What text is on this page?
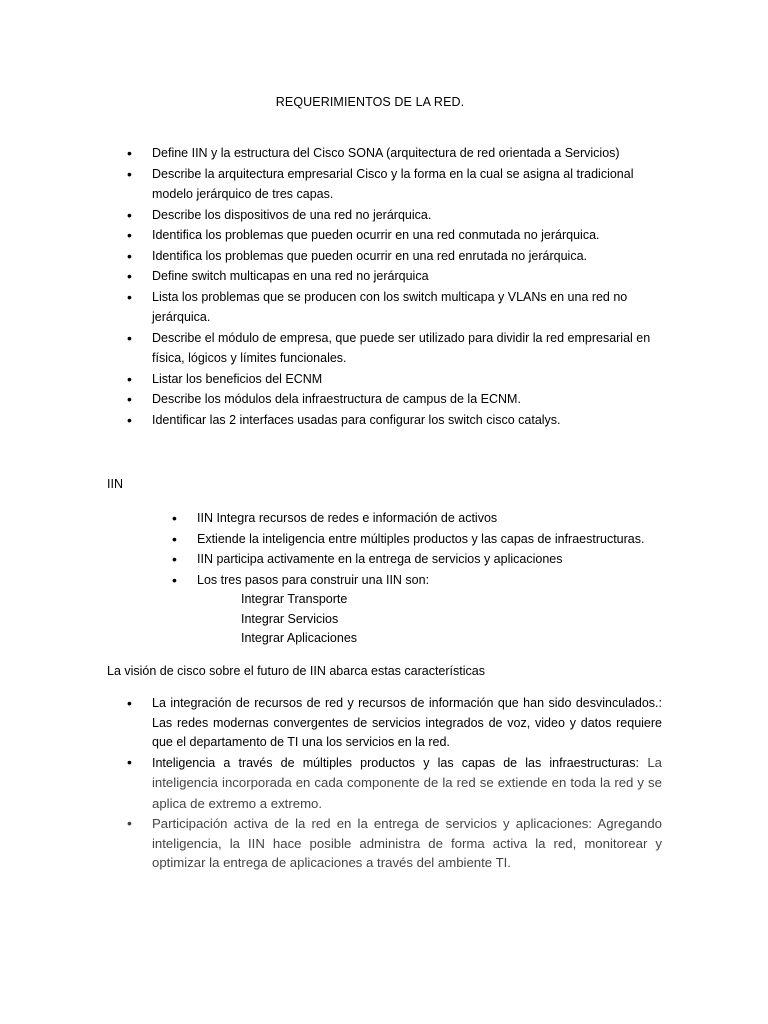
REQUERIMIENTOS DE LA RED.
• Define IIN y la estructura del Cisco SONA (arquitectura de red orientada a Servicios)
• Describe la arquitectura empresarial Cisco y la forma en la cual se asigna al tradicional modelo jerárquico de tres capas.
• Describe los dispositivos de una red no jerárquica.
• Identifica los problemas que pueden ocurrir en una red conmutada no jerárquica.
• Identifica los problemas que pueden ocurrir en una red enrutada no jerárquica.
• Define switch multicapas en una red no jerárquica
• Lista los problemas que se producen con los switch multicapa y VLANs en una red no jerárquica.
• Describe el módulo de empresa, que puede ser utilizado para dividir la red empresarial en física, lógicos y límites funcionales.
• Listar los beneficios del ECNM
• Describe los módulos dela infraestructura de campus de la ECNM.
• Identificar las 2 interfaces usadas para configurar los switch cisco catalys.
IIN
• IIN Integra recursos de redes e información de activos
• Extiende la inteligencia entre múltiples productos y las capas de infraestructuras.
• IIN participa activamente en la entrega de servicios y aplicaciones
• Los tres pasos para construir una IIN son:
Integrar Transporte
Integrar Servicios
Integrar Aplicaciones
La visión de cisco sobre el futuro de IIN abarca estas características
• La integración de recursos de red y recursos de información que han sido desvinculados.: Las redes modernas convergentes de servicios integrados de voz, video y datos requiere que el departamento de TI una los servicios en la red.
• Inteligencia a través de múltiples productos y las capas de las infraestructuras: La inteligencia incorporada en cada componente de la red se extiende en toda la red y se aplica de extremo a extremo.
• Participación activa de la red en la entrega de servicios y aplicaciones: Agregando inteligencia, la IIN hace posible administra de forma activa la red, monitorear y optimizar la entrega de aplicaciones a través del ambiente TI.
